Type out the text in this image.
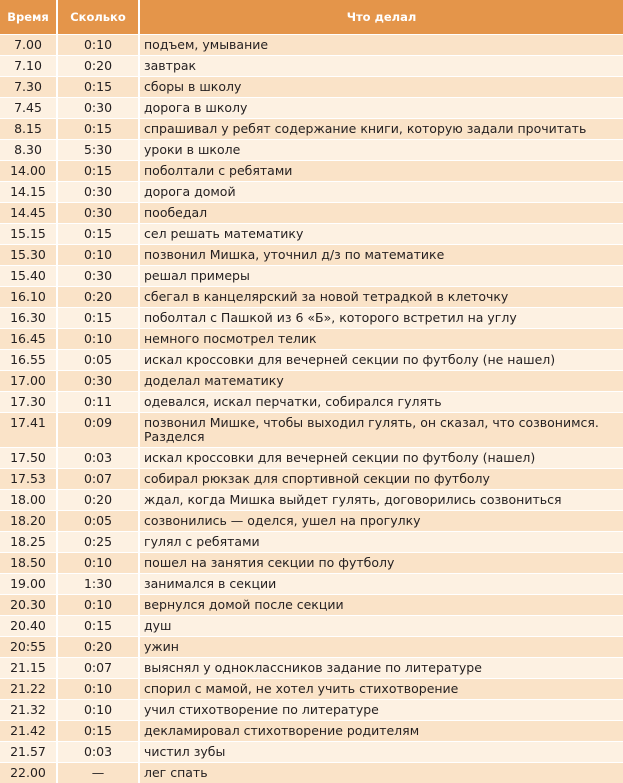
Время	Сколько	Что делал
7.00	0:10	подъем, умывание
7.10	0:20	завтрак
7.30	0:15	сборы в школу
7.45	0:30	дорога в школу
8.15	0:15	спрашивал у ребят содержание книги, которую задали прочитать
8.30	5:30	уроки в школе
14.00	0:15	поболтали с ребятами
14.15	0:30	дорога домой
14.45	0:30	пообедал
15.15	0:15	сел решать математику
15.30	0:10	позвонил Мишка, уточнил д/з по математике
15.40	0:30	решал примеры
16.10	0:20	сбегал в канцелярский за новой тетрадкой в клеточку
16.30	0:15	поболтал с Пашкой из 6 «Б», которого встретил на углу
16.45	0:10	немного посмотрел телик
16.55	0:05	искал кроссовки для вечерней секции по футболу (не нашел)
17.00	0:30	доделал математику
17.30	0:11	одевался, искал перчатки, собирался гулять
17.41	0:09	позвонил Мишке, чтобы выходил гулять, он сказал, что созвонимся. Разделся
17.50	0:03	искал кроссовки для вечерней секции по футболу (нашел)
17.53	0:07	собирал рюкзак для спортивной секции по футболу
18.00	0:20	ждал, когда Мишка выйдет гулять, договорились созвониться
18.20	0:05	созвонились — оделся, ушел на прогулку
18.25	0:25	гулял с ребятами
18.50	0:10	пошел на занятия секции по футболу
19.00	1:30	занимался в секции
20.30	0:10	вернулся домой после секции
20.40	0:15	душ
20:55	0:20	ужин
21.15	0:07	выяснял у одноклассников задание по литературе
21.22	0:10	спорил с мамой, не хотел учить стихотворение
21.32	0:10	учил стихотворение по литературе
21.42	0:15	декламировал стихотворение родителям
21.57	0:03	чистил зубы
22.00	—	лег спать
